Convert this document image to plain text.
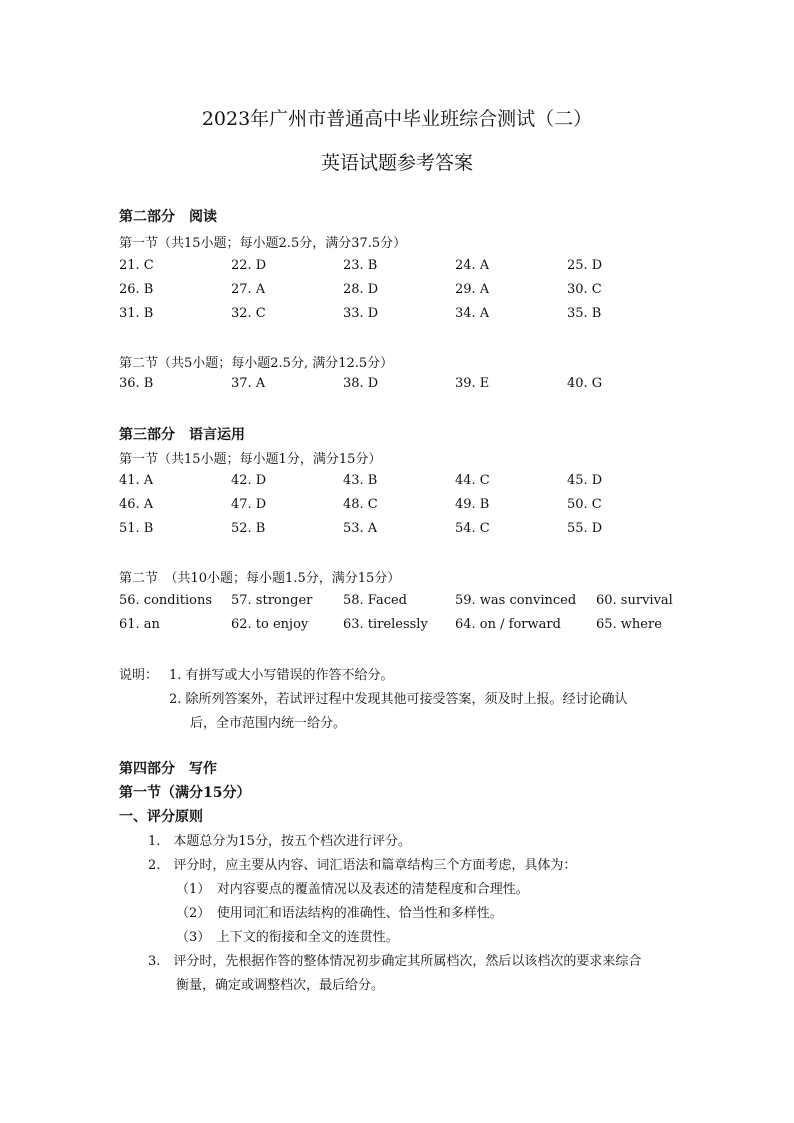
2023年广州市普通高中毕业班综合测试（二）
英语试题参考答案
第二部分　阅读
第一节（共15小题；每小题2.5分，满分37.5分）
21. C	22. D	23. B	24. A	25. D
26. B	27. A	28. D	29. A	30. C
31. B	32. C	33. D	34. A	35. B
第二节（共5小题；每小题2.5分, 满分12.5分）
36. B	37. A	38. D	39. E	40. G
第三部分　语言运用
第一节（共15小题；每小题1分，满分15分）
41. A	42. D	43. B	44. C	45. D
46. A	47. D	48. C	49. B	50. C
51. B	52. B	53. A	54. C	55. D
第二节　（共10小题；每小题1.5分，满分15分）
56. conditions 57. stronger 58. Faced	59. was convinced 60. survival
61. an	62. to enjoy	63. tirelessly 64. on / forward	65. where
说明： 1. 有拼写或大小写错误的作答不给分。
2. 除所列答案外，若试评过程中发现其他可接受答案，须及时上报。经讨论确认
后，全市范围内统一给分。
第四部分　写作
第一节（满分15分）
一、评分原则
1.　本题总分为15分，按五个档次进行评分。
2.　评分时，应主要从内容、词汇语法和篇章结构三个方面考虑，具体为：
（1）　对内容要点的覆盖情况以及表述的清楚程度和合理性。
（2）　使用词汇和语法结构的准确性、恰当性和多样性。
（3）　上下文的衔接和全文的连贯性。
3.　评分时，先根据作答的整体情况初步确定其所属档次，然后以该档次的要求来综合
衡量，确定或调整档次，最后给分。
